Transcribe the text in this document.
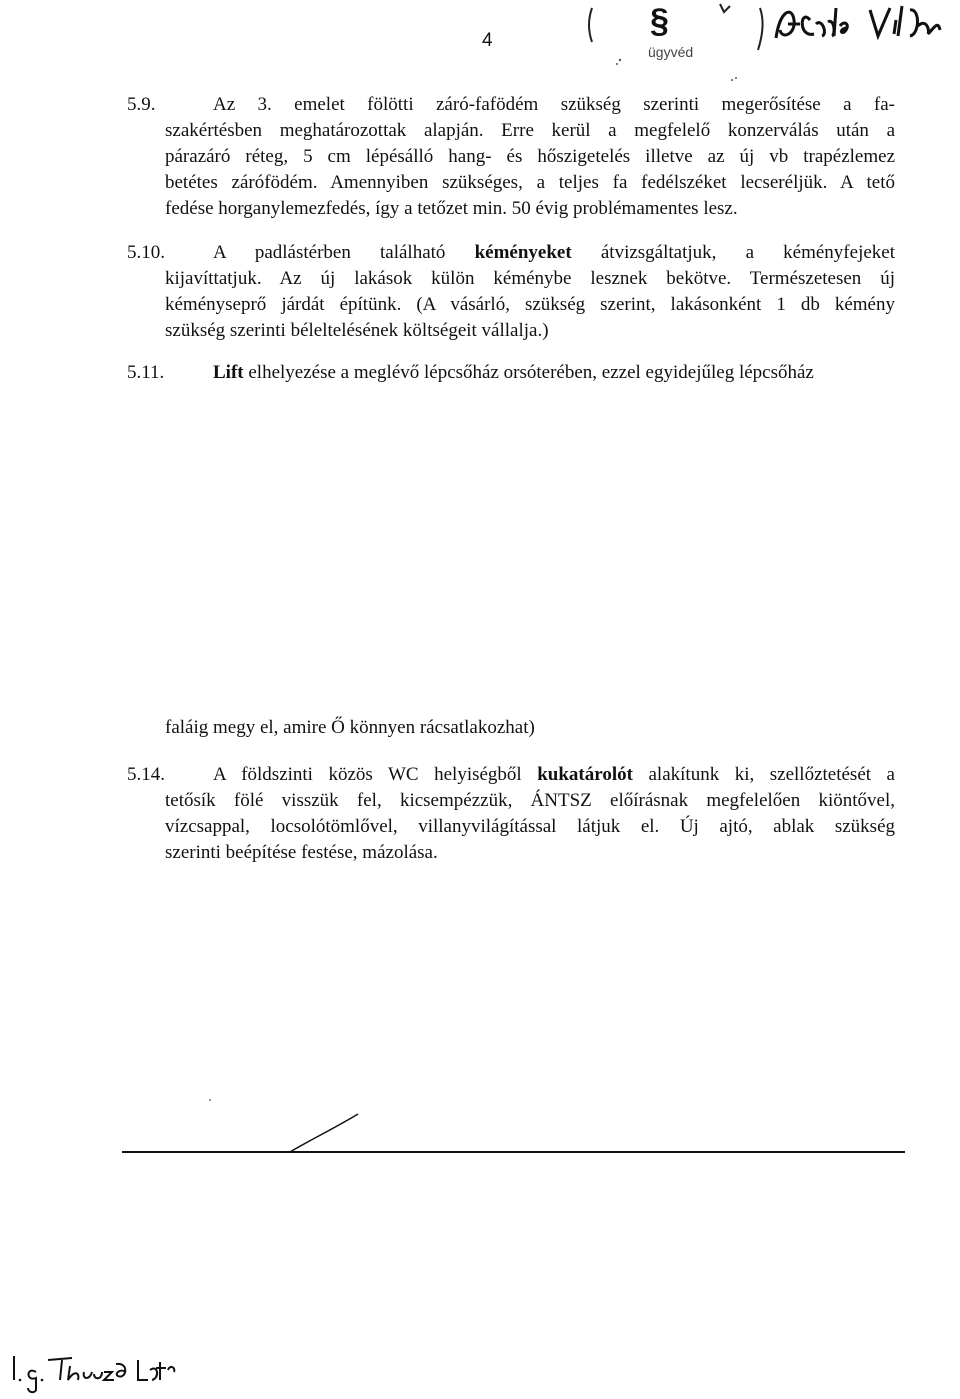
4
§
ügyvéd
5.9.	Az 3. emelet fölötti záró-fafödém szükség szerinti megerősítése a fa-
szakértésben meghatározottak alapján. Erre kerül a megfelelő konzerválás után a
párazáró réteg, 5 cm lépésálló hang- és hőszigetelés illetve az új vb trapézlemez
betétes zárófödém. Amennyiben szükséges, a teljes fa fedélszéket lecseréljük. A tető
fedése horganylemezfedés, így a tetőzet min. 50 évig problémamentes lesz.
5.10.	A padlástérben található kéményeket átvizsgáltatjuk, a kéményfejeket
kijavíttatjuk. Az új lakások külön kéménybe lesznek bekötve. Természetesen új
kéményseprő járdát építünk. (A vásárló, szükség szerint, lakásonként 1 db kémény
szükség szerinti béleltelésének költségeit vállalja.)
5.11.	Lift elhelyezése a meglévő lépcsőház orsóterében, ezzel egyidejűleg lépcsőház
faláig megy el, amire Ő könnyen rácsatlakozhat)
5.14.	A földszinti közös WC helyiségből kukatárolót alakítunk ki, szellőztetését a
tetősík fölé visszük fel, kicsempézzük, ÁNTSZ előírásnak megfelelően kiöntővel,
vízcsappal, locsolótömlővel, villanyvilágítással látjuk el. Új ajtó, ablak szükség
szerinti beépítése festése, mázolása.
